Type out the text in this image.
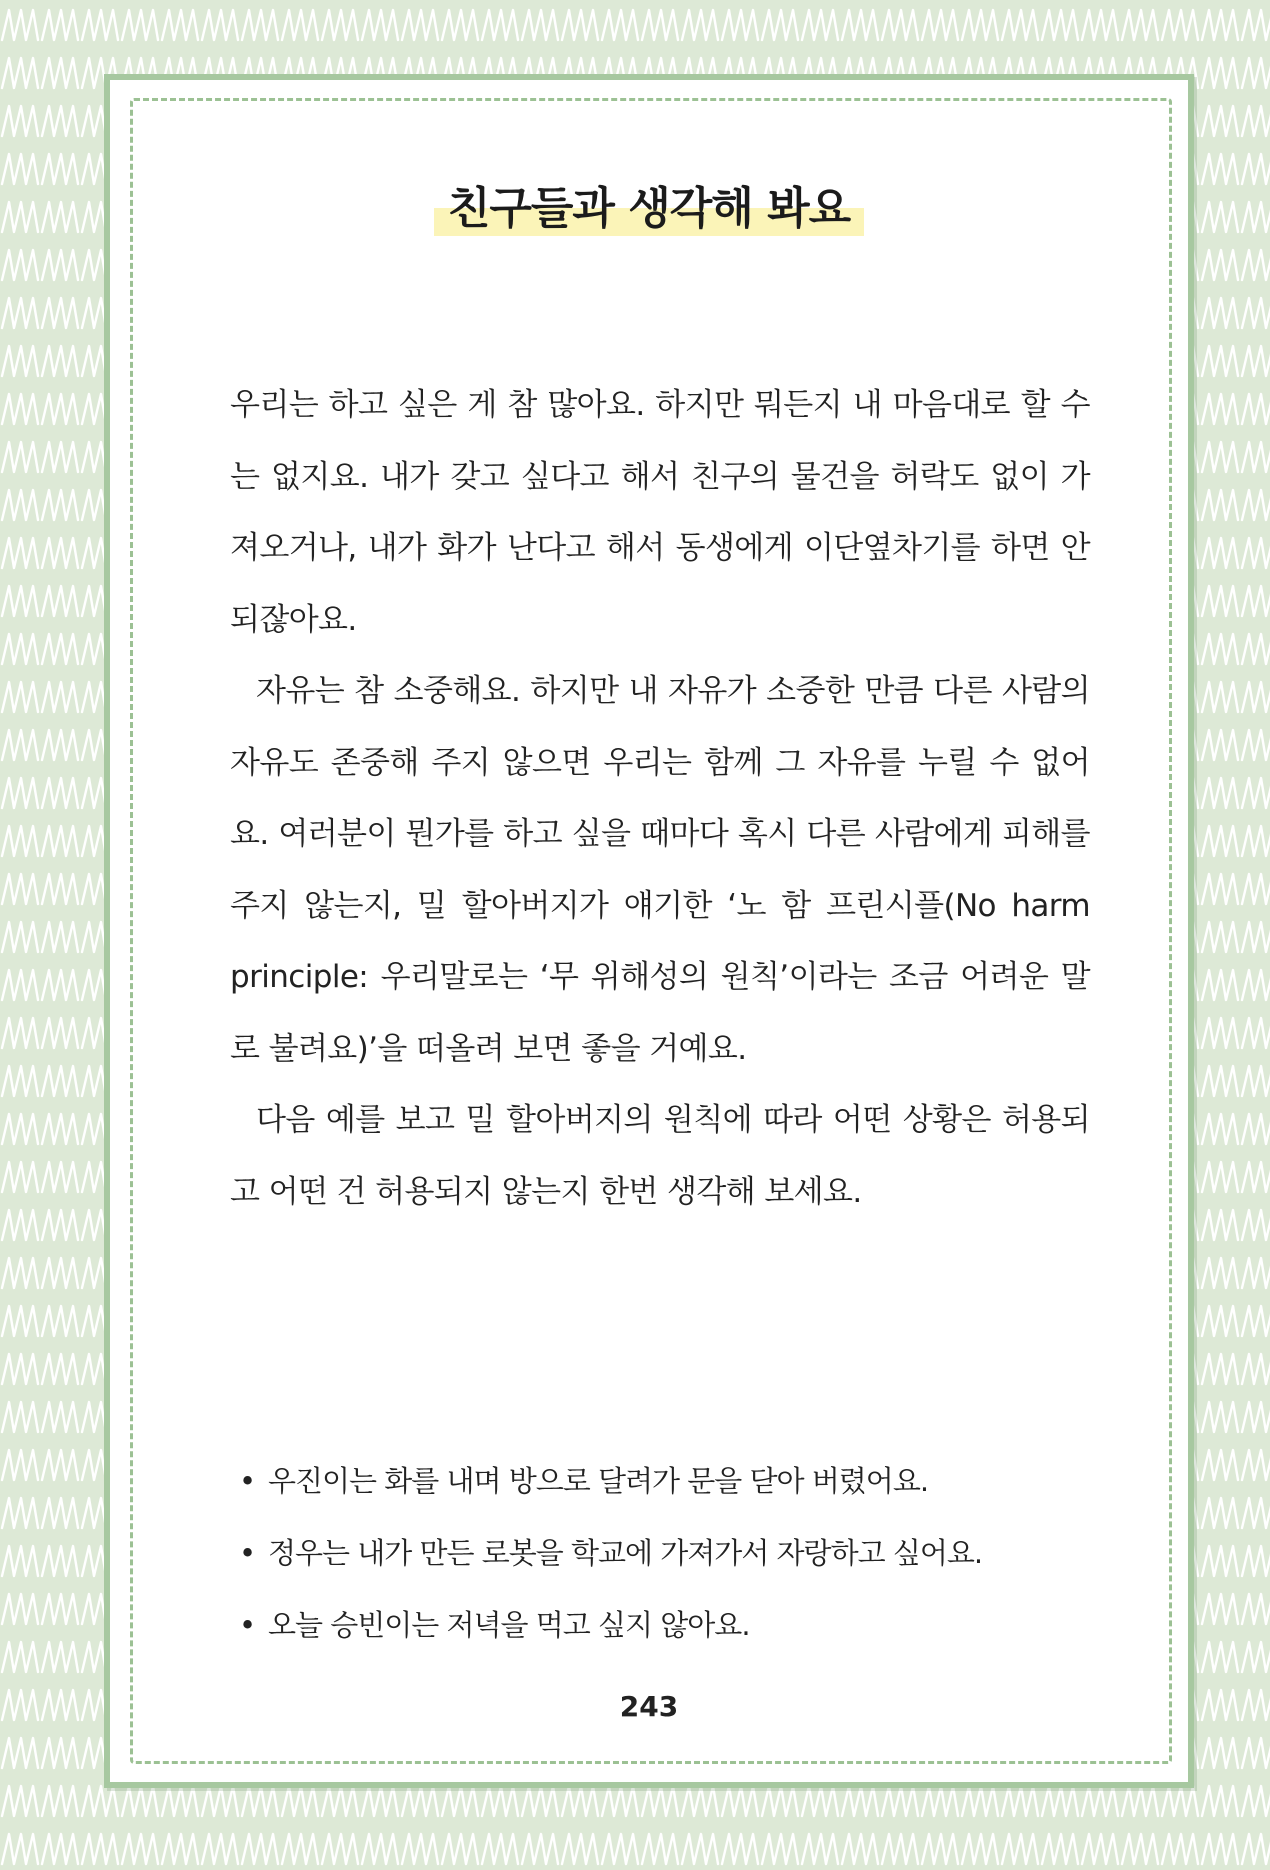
친구들과 생각해 봐요

우리는 하고 싶은 게 참 많아요. 하지만 뭐든지 내 마음대로 할 수는 없지요. 내가 갖고 싶다고 해서 친구의 물건을 허락도 없이 가져오거나, 내가 화가 난다고 해서 동생에게 이단옆차기를 하면 안 되잖아요.

자유는 참 소중해요. 하지만 내 자유가 소중한 만큼 다른 사람의 자유도 존중해 주지 않으면 우리는 함께 그 자유를 누릴 수 없어요. 여러분이 뭔가를 하고 싶을 때마다 혹시 다른 사람에게 피해를 주지 않는지, 밀 할아버지가 얘기한 ‘노 함 프린시플(No harm principle: 우리말로는 ‘무 위해성의 원칙’이라는 조금 어려운 말로 불려요)’을 떠올려 보면 좋을 거예요.

다음 예를 보고 밀 할아버지의 원칙에 따라 어떤 상황은 허용되고 어떤 건 허용되지 않는지 한번 생각해 보세요.

• 우진이는 화를 내며 방으로 달려가 문을 닫아 버렸어요.
• 정우는 내가 만든 로봇을 학교에 가져가서 자랑하고 싶어요.
• 오늘 승빈이는 저녁을 먹고 싶지 않아요.
243
